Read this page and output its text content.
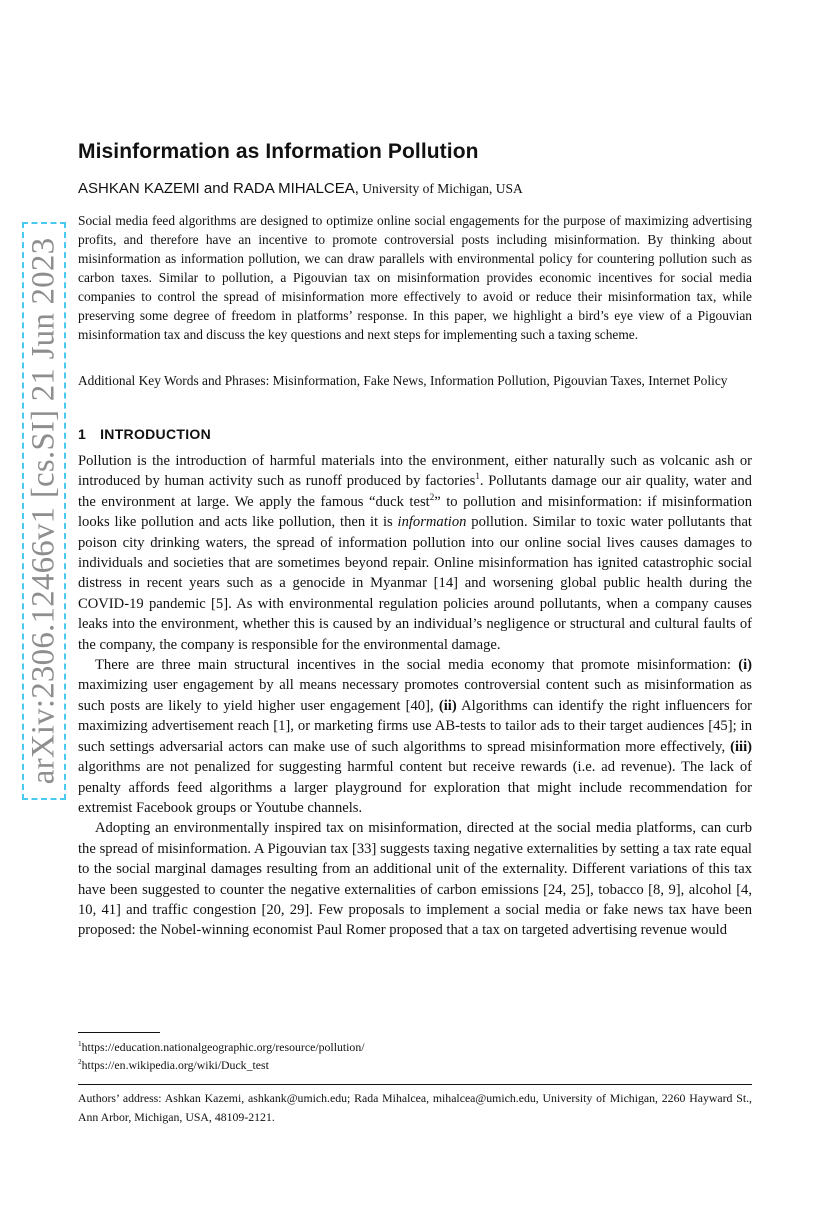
arXiv:2306.12466v1 [cs.SI] 21 Jun 2023
Misinformation as Information Pollution
ASHKAN KAZEMI and RADA MIHALCEA, University of Michigan, USA

Social media feed algorithms are designed to optimize online social engagements for the purpose of maximizing advertising profits, and therefore have an incentive to promote controversial posts including misinformation. By thinking about misinformation as information pollution, we can draw parallels with environmental policy for countering pollution such as carbon taxes. Similar to pollution, a Pigouvian tax on misinformation provides economic incentives for social media companies to control the spread of misinformation more effectively to avoid or reduce their misinformation tax, while preserving some degree of freedom in platforms’ response. In this paper, we highlight a bird’s eye view of a Pigouvian misinformation tax and discuss the key questions and next steps for implementing such a taxing scheme.

Additional Key Words and Phrases: Misinformation, Fake News, Information Pollution, Pigouvian Taxes, Internet Policy

1 INTRODUCTION

Pollution is the introduction of harmful materials into the environment, either naturally such as volcanic ash or introduced by human activity such as runoff produced by factories$^1$. Pollutants damage our air quality, water and the environment at large. We apply the famous “duck test$^2$” to pollution and misinformation: if misinformation looks like pollution and acts like pollution, then it is information pollution. Similar to toxic water pollutants that poison city drinking waters, the spread of information pollution into our online social lives causes damages to individuals and societies that are sometimes beyond repair. Online misinformation has ignited catastrophic social distress in recent years such as a genocide in Myanmar [14] and worsening global public health during the COVID-19 pandemic [5]. As with environmental regulation policies around pollutants, when a company causes leaks into the environment, whether this is caused by an individual’s negligence or structural and cultural faults of the company, the company is responsible for the environmental damage.

There are three main structural incentives in the social media economy that promote misinformation: (i) maximizing user engagement by all means necessary promotes controversial content such as misinformation as such posts are likely to yield higher user engagement [40], (ii) Algorithms can identify the right influencers for maximizing advertisement reach [1], or marketing firms use AB-tests to tailor ads to their target audiences [45]; in such settings adversarial actors can make use of such algorithms to spread misinformation more effectively, (iii) algorithms are not penalized for suggesting harmful content but receive rewards (i.e. ad revenue). The lack of penalty affords feed algorithms a larger playground for exploration that might include recommendation for extremist Facebook groups or Youtube channels.

Adopting an environmentally inspired tax on misinformation, directed at the social media platforms, can curb the spread of misinformation. A Pigouvian tax [33] suggests taxing negative externalities by setting a tax rate equal to the social marginal damages resulting from an additional unit of the externality. Different variations of this tax have been suggested to counter the negative externalities of carbon emissions [24, 25], tobacco [8, 9], alcohol [4, 10, 41] and traffic congestion [20, 29]. Few proposals to implement a social media or fake news tax have been proposed: the Nobel-winning economist Paul Romer proposed that a tax on targeted advertising revenue would

$^1$https://education.nationalgeographic.org/resource/pollution/
$^2$https://en.wikipedia.org/wiki/Duck_test

Authors’ address: Ashkan Kazemi, ashkank@umich.edu; Rada Mihalcea, mihalcea@umich.edu, University of Michigan, 2260 Hayward St., Ann Arbor, Michigan, USA, 48109-2121.
